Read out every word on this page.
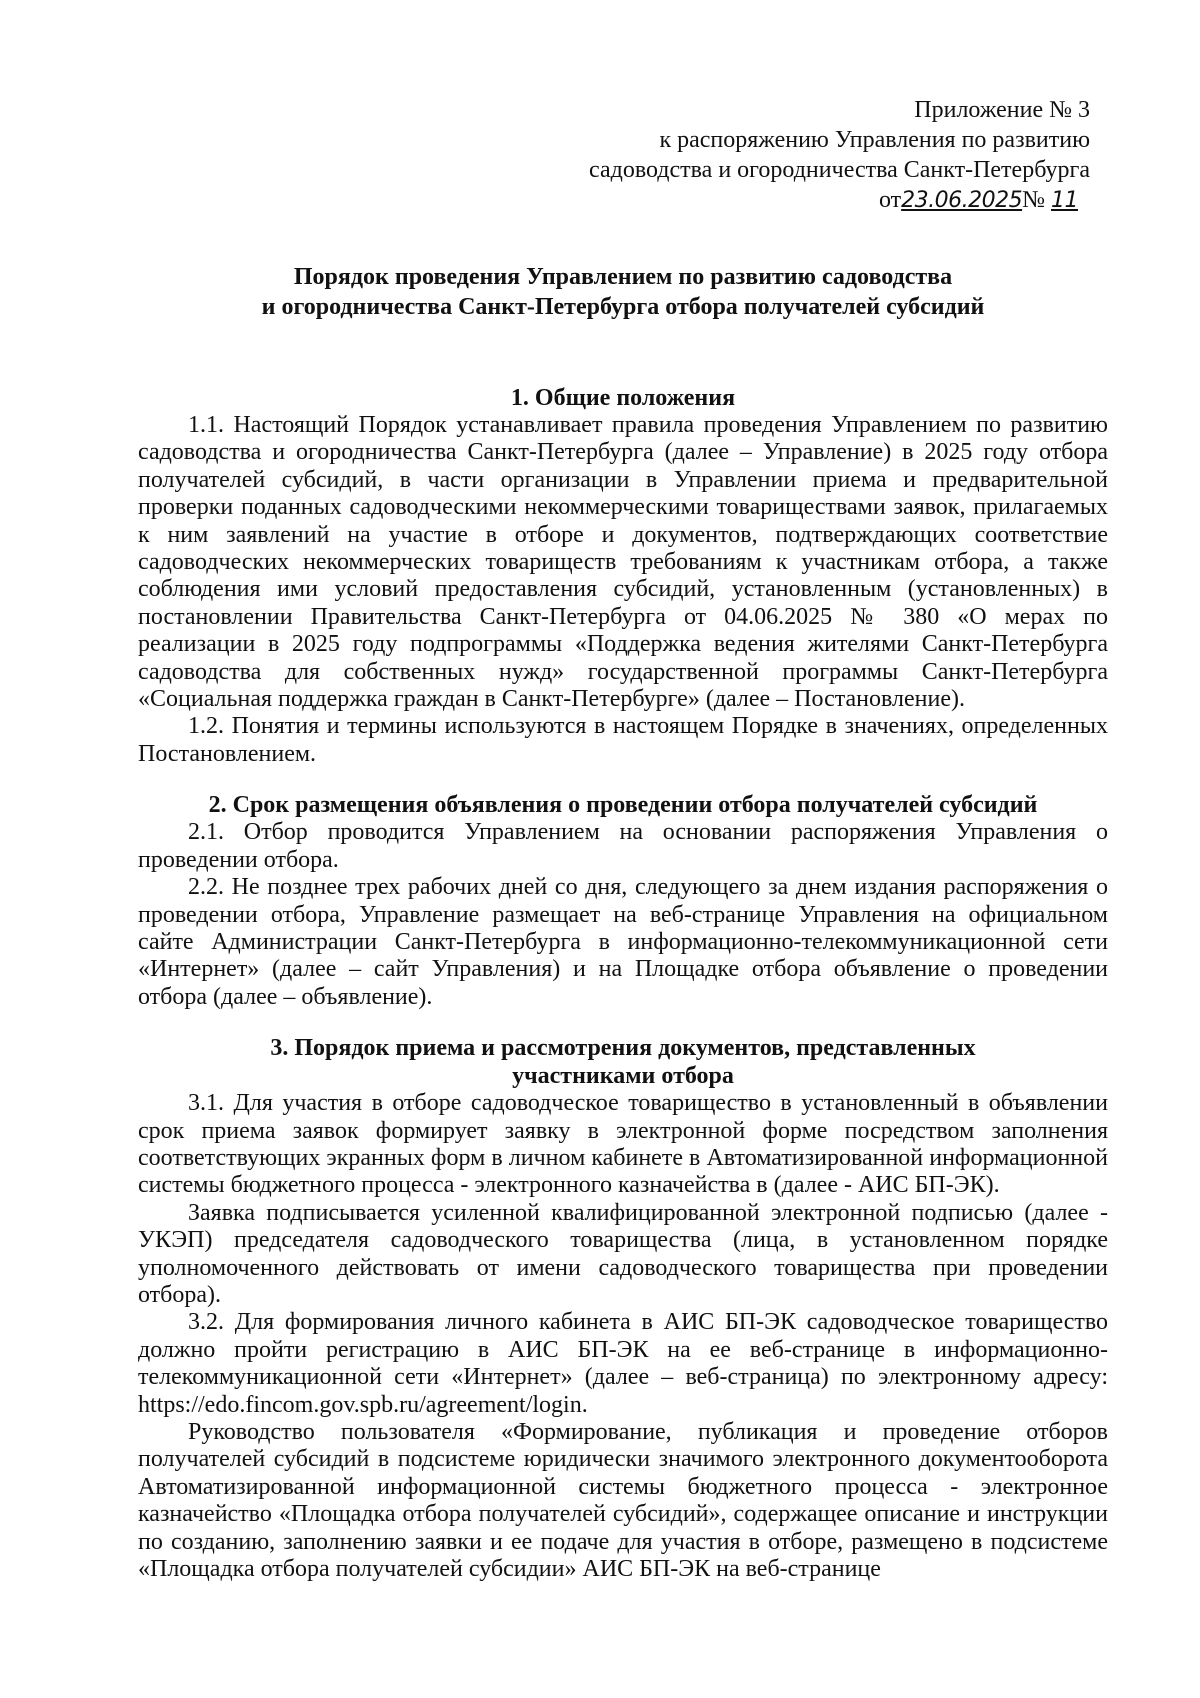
Приложение № 3
к распоряжению Управления по развитию
садоводства и огородничества Санкт-Петербурга
от23.06.2025№ 11

Порядок проведения Управлением по развитию садоводства
и огородничества Санкт-Петербурга отбора получателей субсидий

1. Общие положения

1.1. Настоящий Порядок устанавливает правила проведения Управлением по развитию садоводства и огородничества Санкт-Петербурга (далее – Управление) в 2025 году отбора получателей субсидий, в части организации в Управлении приема и предварительной проверки поданных садоводческими некоммерческими товариществами заявок, прилагаемых к ним заявлений на участие в отборе и документов, подтверждающих соответствие садоводческих некоммерческих товариществ требованиям к участникам отбора, а также соблюдения ими условий предоставления субсидий, установленным (установленных) в постановлении Правительства Санкт-Петербурга от 04.06.2025 № 380 «О мерах по реализации в 2025 году подпрограммы «Поддержка ведения жителями Санкт-Петербурга садоводства для собственных нужд» государственной программы Санкт-Петербурга «Социальная поддержка граждан в Санкт-Петербурге» (далее – Постановление).

1.2. Понятия и термины используются в настоящем Порядке в значениях, определенных Постановлением.

2. Срок размещения объявления о проведении отбора получателей субсидий

2.1. Отбор проводится Управлением на основании распоряжения Управления о проведении отбора.

2.2. Не позднее трех рабочих дней со дня, следующего за днем издания распоряжения о проведении отбора, Управление размещает на веб-странице Управления на официальном сайте Администрации Санкт-Петербурга в информационно-телекоммуникационной сети «Интернет» (далее – сайт Управления) и на Площадке отбора объявление о проведении отбора (далее – объявление).

3. Порядок приема и рассмотрения документов, представленных
участниками отбора

3.1. Для участия в отборе садоводческое товарищество в установленный в объявлении срок приема заявок формирует заявку в электронной форме посредством заполнения соответствующих экранных форм в личном кабинете в Автоматизированной информационной системы бюджетного процесса - электронного казначейства в (далее - АИС БП-ЭК).

Заявка подписывается усиленной квалифицированной электронной подписью (далее - УКЭП) председателя садоводческого товарищества (лица, в установленном порядке уполномоченного действовать от имени садоводческого товарищества при проведении отбора).

3.2. Для формирования личного кабинета в АИС БП-ЭК садоводческое товарищество должно пройти регистрацию в АИС БП-ЭК на ее веб-странице в информационно-телекоммуникационной сети «Интернет» (далее – веб-страница) по электронному адресу: https://edo.fincom.gov.spb.ru/agreement/login.

Руководство пользователя «Формирование, публикация и проведение отборов получателей субсидий в подсистеме юридически значимого электронного документооборота Автоматизированной информационной системы бюджетного процесса - электронное казначейство «Площадка отбора получателей субсидий», содержащее описание и инструкции по созданию, заполнению заявки и ее подаче для участия в отборе, размещено в подсистеме «Площадка отбора получателей субсидии» АИС БП-ЭК на веб-странице
